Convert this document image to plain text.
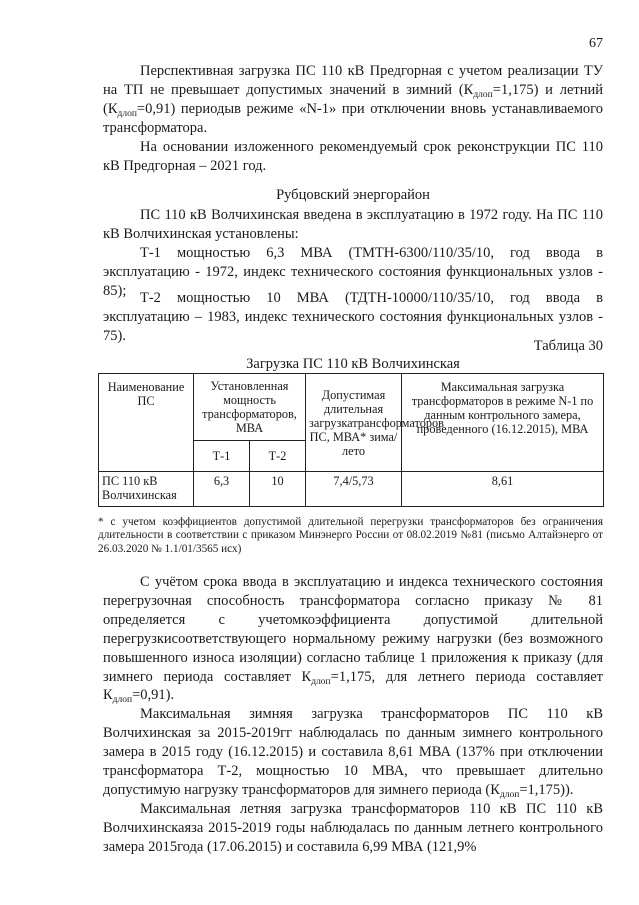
67
Перспективная загрузка ПС 110 кВ Предгорная с учетом реализации ТУ на ТП не превышает допустимых значений в зимний $(К_{длоп}=1,175)$ и летний $(К_{длоп}=0,91)$ периодыв режиме «N-1» при отключении вновь устанавливаемого трансформатора.
На основании изложенного рекомендуемый срок реконструкции ПС 110 кВ Предгорная – 2021 год.
Рубцовский энергорайон
ПС 110 кВ Волчихинская введена в эксплуатацию в 1972 году. На ПС 110 кВ Волчихинская установлены:
Т-1 мощностью 6,3 МВА (ТМТН-6300/110/35/10, год ввода в эксплуатацию - 1972, индекс технического состояния функциональных узлов - 85); Т-2 мощностью 10 МВА (ТДТН-10000/110/35/10, год ввода в эксплуатацию – 1983, индекс технического состояния функциональных узлов - 75).
Таблица 30
Загрузка ПС 110 кВ Волчихинская
Наименование ПС	Установленная мощность трансформаторов, МВА		Допустимая длительная загрузкатрансформаторов ПС, МВА* зима/лето	Максимальная загрузка трансформаторов в режиме N-1 по данным контрольного замера, проведенного (16.12.2015), МВА
	Т-1	Т-2		
ПС 110 кВ Волчихинская	6,3	10	7,4/5,73	8,61
* с учетом коэффициентов допустимой длительной перегрузки трансформаторов без ограничения длительности в соответствии с приказом Минэнерго России от 08.02.2019 №81 (письмо Алтайэнерго от 26.03.2020 № 1.1/01/3565 исх)

С учётом срока ввода в эксплуатацию и индекса технического состояния перегрузочная способность трансформатора согласно приказу № 81 определяется с учетомкоэффициента допустимой длительной перегрузкисоответствующего нормальному режиму нагрузки (без возможного повышенного износа изоляции) согласно таблице 1 приложения к приказу (для зимнего периода составляет $К_{длоп}=1,175$, для летнего периода составляет $К_{длоп}=0,91$).

Максимальная зимняя загрузка трансформаторов ПС 110 кВ Волчихинская за 2015-2019гг наблюдалась по данным зимнего контрольного замера в 2015 году (16.12.2015) и составила 8,61 МВА (137% при отключении трансформатора Т-2, мощностью 10 МВА, что превышает длительно допустимую нагрузку трансформаторов для зимнего периода $(К_{длоп}=1,175)$).

Максимальная летняя загрузка трансформаторов 110 кВ ПС 110 кВ Волчихинскаяза 2015-2019 годы наблюдалась по данным летнего контрольного замера 2015года (17.06.2015) и составила 6,99 МВА (121,9%
